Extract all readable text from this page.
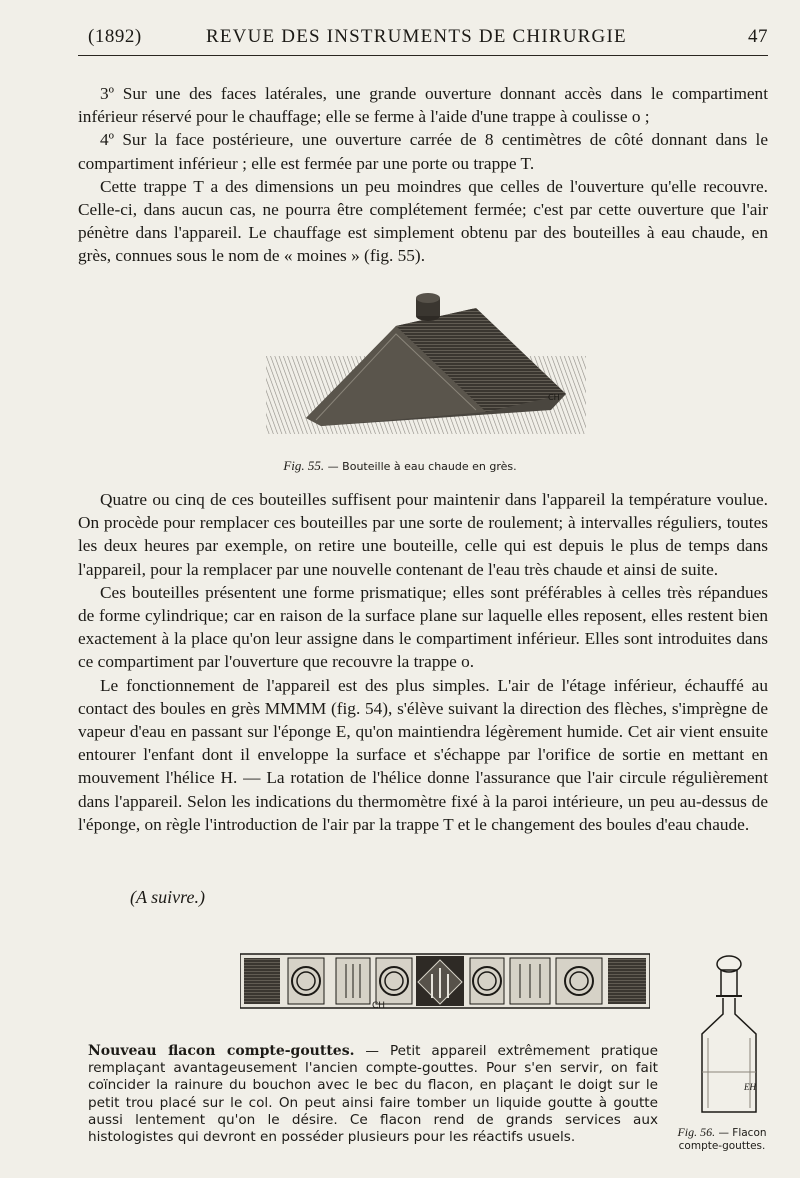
(1892)	REVUE DES INSTRUMENTS DE CHIRURGIE	47

3º Sur une des faces latérales, une grande ouverture donnant accès dans le compartiment inférieur réservé pour le chauffage; elle se ferme à l'aide d'une trappe à coulisse o ;

4º Sur la face postérieure, une ouverture carrée de 8 centimètres de côté donnant dans le compartiment inférieur ; elle est fermée par une porte ou trappe T.

Cette trappe T a des dimensions un peu moindres que celles de l'ouverture qu'elle recouvre. Celle-ci, dans aucun cas, ne pourra être complétement fermée; c'est par cette ouverture que l'air pénètre dans l'appareil. Le chauffage est simplement obtenu par des bouteilles à eau chaude, en grès, connues sous le nom de « moines » (fig. 55).

CH
Fig. 55. — Bouteille à eau chaude en grès.

Quatre ou cinq de ces bouteilles suffisent pour maintenir dans l'appareil la température voulue. On procède pour remplacer ces bouteilles par une sorte de roulement; à intervalles réguliers, toutes les deux heures par exemple, on retire une bouteille, celle qui est depuis le plus de temps dans l'appareil, pour la remplacer par une nouvelle contenant de l'eau très chaude et ainsi de suite.

Ces bouteilles présentent une forme prismatique; elles sont préférables à celles très répandues de forme cylindrique; car en raison de la surface plane sur laquelle elles reposent, elles restent bien exactement à la place qu'on leur assigne dans le compartiment inférieur. Elles sont introduites dans ce compartiment par l'ouverture que recouvre la trappe o.

Le fonctionnement de l'appareil est des plus simples. L'air de l'étage inférieur, échauffé au contact des boules en grès MMMM (fig. 54), s'élève suivant la direction des flèches, s'imprègne de vapeur d'eau en passant sur l'éponge E, qu'on maintiendra légèrement humide. Cet air vient ensuite entourer l'enfant dont il enveloppe la surface et s'échappe par l'orifice de sortie en mettant en mouvement l'hélice H. — La rotation de l'hélice donne l'assurance que l'air circule régulièrement dans l'appareil. Selon les indications du thermomètre fixé à la paroi intérieure, un peu au-dessus de l'éponge, on règle l'introduction de l'air par la trappe T et le changement des boules d'eau chaude.

(A suivre.)
CH

Nouveau flacon compte-gouttes. — Petit appareil extrêmement pratique remplaçant avantageusement l'ancien compte-gouttes. Pour s'en servir, on fait coïncider la rainure du bouchon avec le bec du flacon, en plaçant le doigt sur le petit trou placé sur le col. On peut ainsi faire tomber un liquide goutte à goutte aussi lentement qu'on le désire. Ce flacon rend de grands services aux histologistes qui devront en posséder plusieurs pour les réactifs usuels.

EH
Fig. 56. — Flacon compte-gouttes.
